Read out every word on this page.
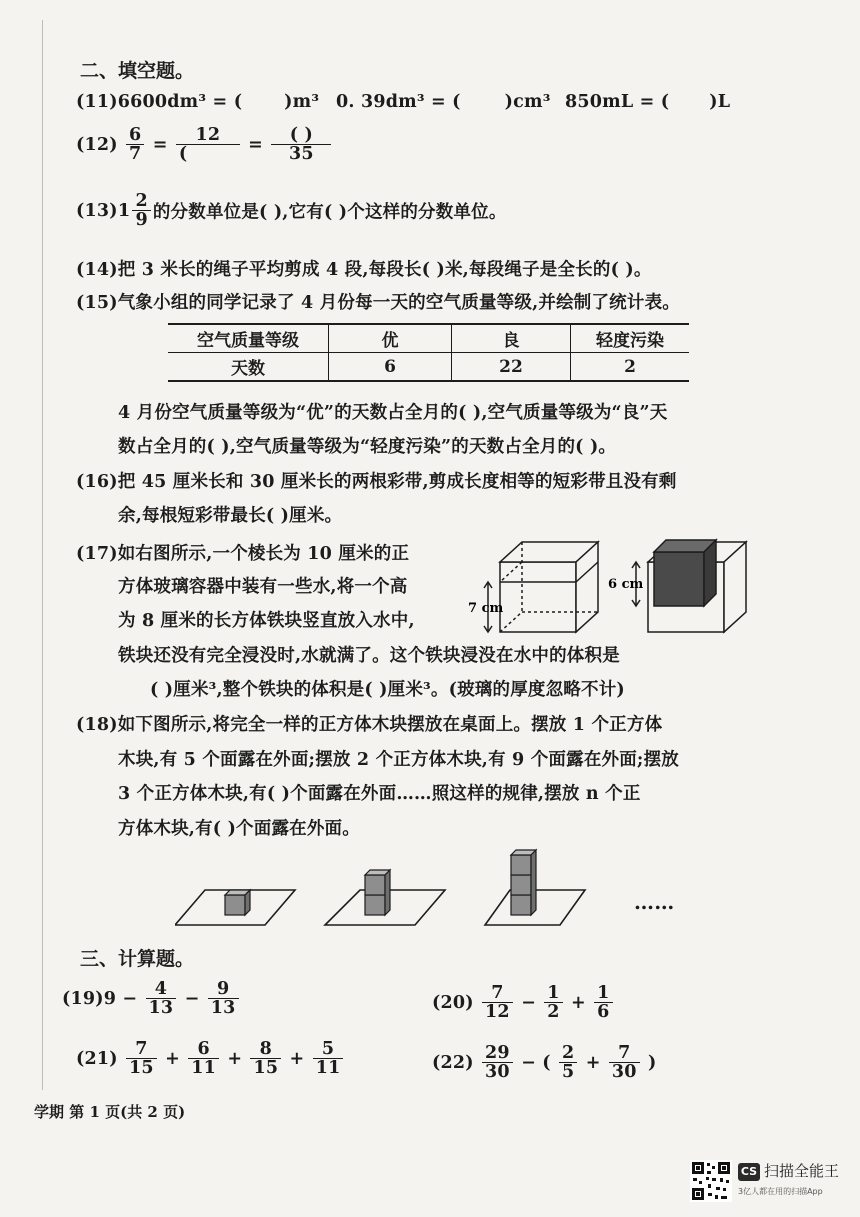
二、填空题。
(11)6600dm³ = ( )m³ 0. 39dm³ = (	)cm³ 850mL = ( )L
$(12) \frac{6}{7} = \frac{12}{(} = \frac{( )}{35}$
$(13)1 \frac{2}{9}$ 的分数单位是( ),它有( )个这样的分数单位。
(14)把 3 米长的绳子平均剪成 4 段,每段长( )米,每段绳子是全长的( )。
(15)气象小组的同学记录了 4 月份每一天的空气质量等级,并绘制了统计表。
空气质量等级	优	良	轻度污染
天数	6	22	2
4 月份空气质量等级为“优”的天数占全月的( ),空气质量等级为“良”天
数占全月的( ),空气质量等级为“轻度污染”的天数占全月的( )。
(16)把 45 厘米长和 30 厘米长的两根彩带,剪成长度相等的短彩带且没有剩
余,每根短彩带最长( )厘米。
(17)如右图所示,一个棱长为 10 厘米的正
方体玻璃容器中装有一些水,将一个高
为 8 厘米的长方体铁块竖直放入水中,
铁块还没有完全浸没时,水就满了。这个铁块浸没在水中的体积是
( )厘米³,整个铁块的体积是( )厘米³。(玻璃的厚度忽略不计)
7 cm
6 cm
(18)如下图所示,将完全一样的正方体木块摆放在桌面上。摆放 1 个正方体
木块,有 5 个面露在外面;摆放 2 个正方体木块,有 9 个面露在外面;摆放
3 个正方体木块,有( )个面露在外面……照这样的规律,摆放 n 个正
方体木块,有( )个面露在外面。
……
三、计算题。
$(19)9 - \frac{4}{13} - \frac{9}{13}$	$(20) \frac{7}{12} - \frac{1}{2} + \frac{1}{6}$
$(21) \frac{7}{15} + \frac{6}{11} + \frac{8}{15} + \frac{5}{11}$	$(22) \frac{29}{30}$ − ( $\frac{2}{5} + \frac{7}{30}$ )
学期 第 1 页(共 2 页)
CS 扫描全能王
3亿人都在用的扫描App
